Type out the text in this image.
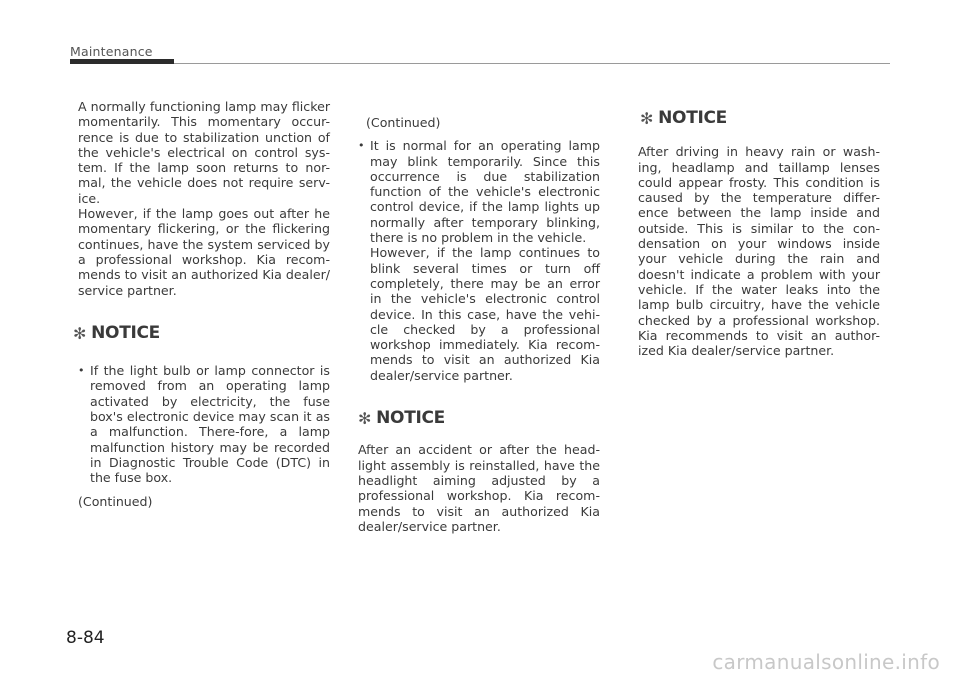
Maintenance

A normally functioning lamp may flicker momentarily. This momentary occur-rence is due to stabilization unction of the vehicle's electrical on control sys-tem. If the lamp soon returns to nor-mal, the vehicle does not require serv-ice.

However, if the lamp goes out after he momentary flickering, or the flickering continues, have the system serviced by a professional workshop. Kia recom-mends to visit an authorized Kia dealer/ service partner.

✻ NOTICE
• If the light bulb or lamp connector is removed from an operating lamp activated by electricity, the fuse box's electronic device may scan it as a malfunction. There-fore, a lamp malfunction history may be recorded in Diagnostic Trouble Code (DTC) in the fuse box.

(Continued)
(Continued)
• It is normal for an operating lamp may blink temporarily. Since this occurrence is due stabilization function of the vehicle's electronic control device, if the lamp lights up normally after temporary blinking, there is no problem in the vehicle.

However, if the lamp continues to blink several times or turn off completely, there may be an error in the vehicle's electronic control device. In this case, have the vehi-cle checked by a professional workshop immediately. Kia recom-mends to visit an authorized Kia dealer/service partner.

✻ NOTICE

After an accident or after the head-light assembly is reinstalled, have the headlight aiming adjusted by a professional workshop. Kia recom-mends to visit an authorized Kia dealer/service partner.

✻ NOTICE

After driving in heavy rain or wash-ing, headlamp and taillamp lenses could appear frosty. This condition is caused by the temperature differ-ence between the lamp inside and outside. This is similar to the con-densation on your windows inside your vehicle during the rain and doesn't indicate a problem with your vehicle. If the water leaks into the lamp bulb circuitry, have the vehicle checked by a professional workshop. Kia recommends to visit an author-ized Kia dealer/service partner.

8-84
carmanualsonline.info
